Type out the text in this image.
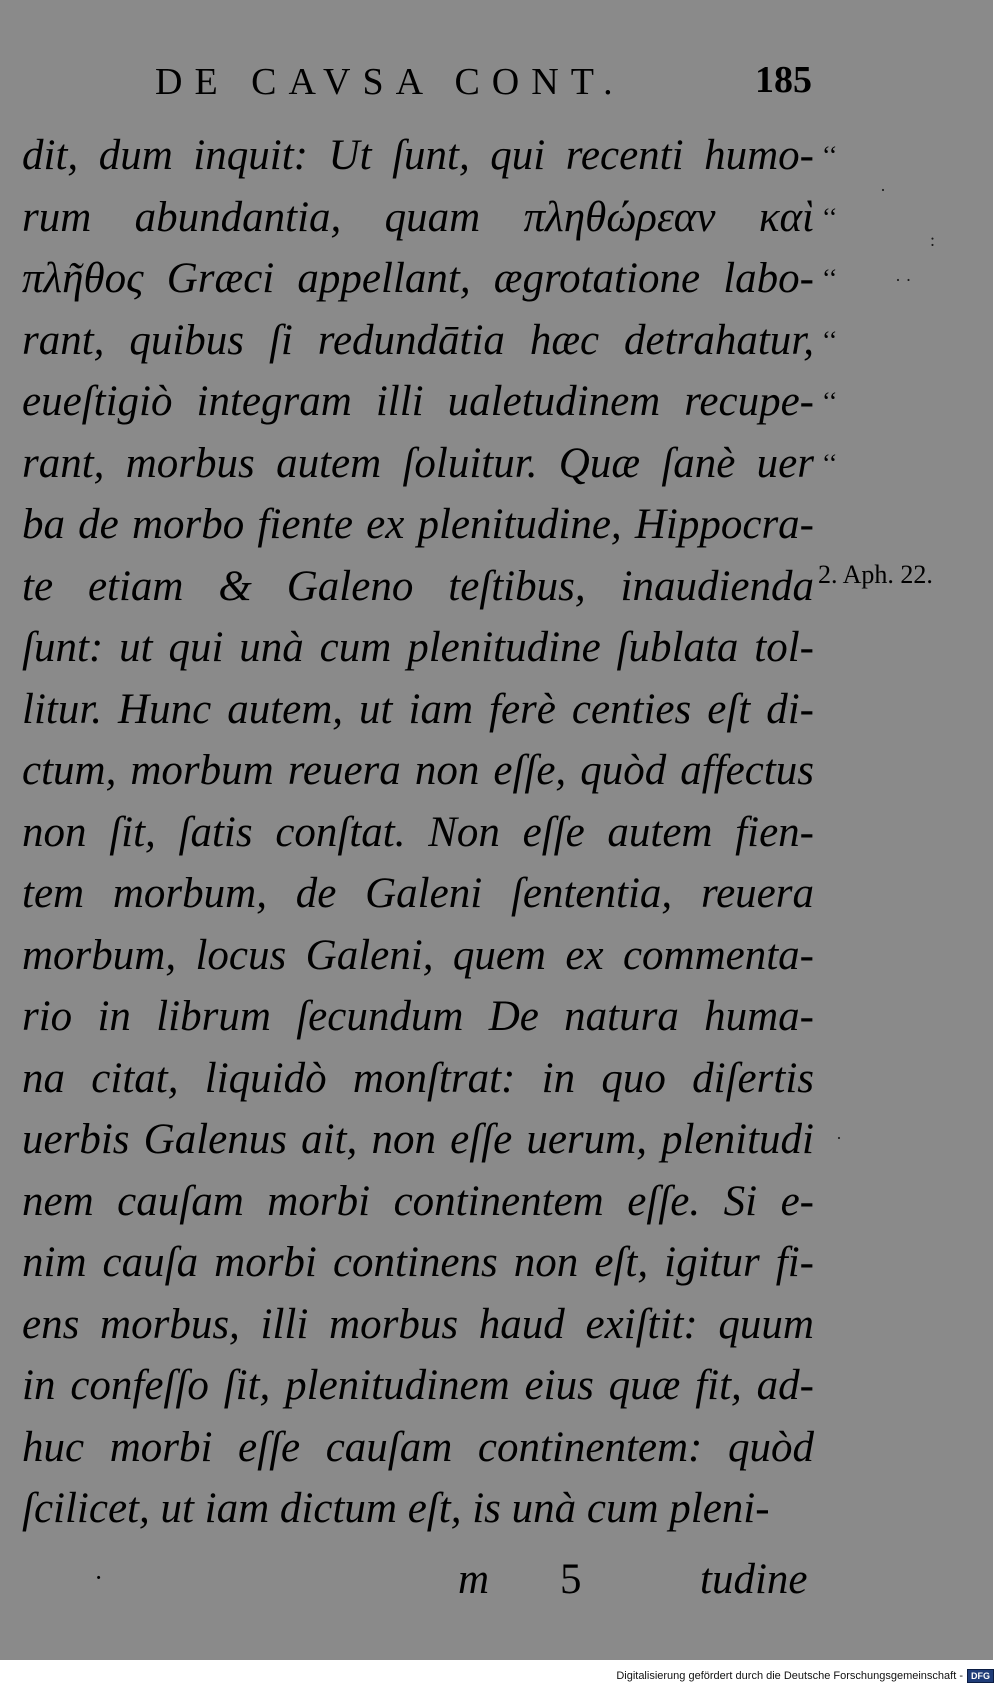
DE CAVSA CONT.	185
dit, dum inquit: Ut ſunt, qui recenti humo-
rum abundantia, quam πληθώρεαν καὶ
πλῆθος Græci appellant, ægrotatione labo-
rant, quibus ſi redundātia hæc detrahatur,
eueſtigiò integram illi ualetudinem recupe-
rant, morbus autem ſoluitur. Quæ ſanè uer
ba de morbo fiente ex plenitudine, Hippocra-
te etiam & Galeno teſtibus, inaudienda
ſunt: ut qui unà cum plenitudine ſublata tol-
litur. Hunc autem, ut iam ferè centies eſt di-
ctum, morbum reuera non eſſe, quòd affectus
non ſit, ſatis conſtat. Non eſſe autem fien-
tem morbum, de Galeni ſententia, reuera
morbum, locus Galeni, quem ex commenta-
rio in librum ſecundum De natura huma-
na citat, liquidò monſtrat: in quo diſertis
uerbis Galenus ait, non eſſe uerum, plenitudi
nem cauſam morbi continentem eſſe. Si e-
nim cauſa morbi continens non eſt, igitur fi-
ens morbus, illi morbus haud exiſtit: quum
in confeſſo ſit, plenitudinem eius quæ fit, ad-
huc morbi eſſe cauſam continentem: quòd
ſcilicet, ut iam dictum eſt, is unà cum pleni-
‘‘
‘‘
‘‘
‘‘
‘‘
‘‘
2. Aph. 22.
·
:
· ·
·
·	m 5	tudine
Digitalisierung gefördert durch die Deutsche Forschungsgemeinschaft - DFG
